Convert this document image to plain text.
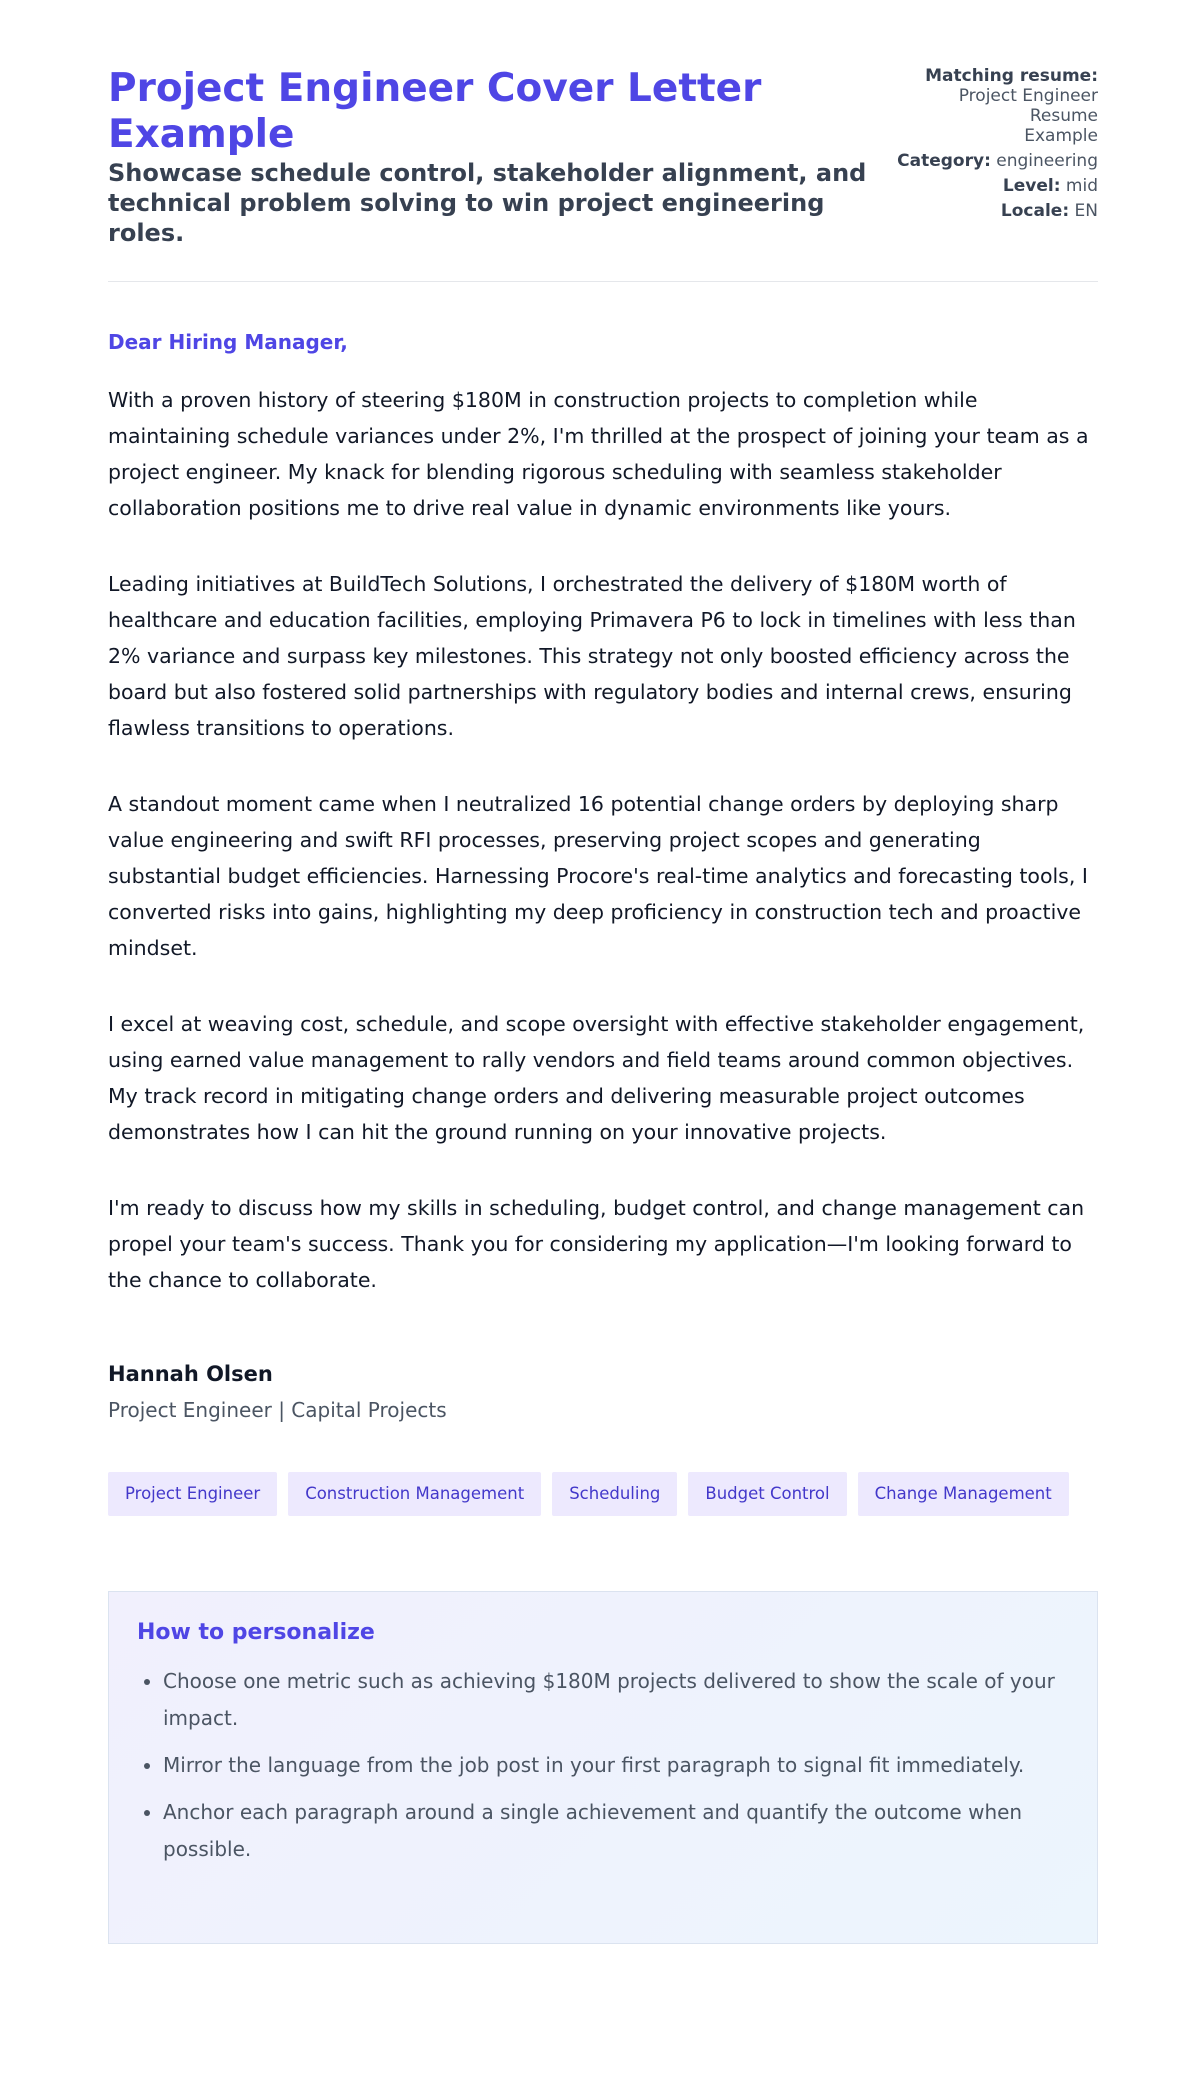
Project Engineer Cover Letter Example

Showcase schedule control, stakeholder alignment, and technical problem solving to win project engineering roles.

Matching resume:
Project Engineer Resume Example
Category: engineering
Level: mid
Locale: EN
Dear Hiring Manager,

With a proven history of steering $180M in construction projects to completion while maintaining schedule variances under 2%, I'm thrilled at the prospect of joining your team as a project engineer. My knack for blending rigorous scheduling with seamless stakeholder collaboration positions me to drive real value in dynamic environments like yours.

Leading initiatives at BuildTech Solutions, I orchestrated the delivery of $180M worth of healthcare and education facilities, employing Primavera P6 to lock in timelines with less than 2% variance and surpass key milestones. This strategy not only boosted efficiency across the board but also fostered solid partnerships with regulatory bodies and internal crews, ensuring flawless transitions to operations.

A standout moment came when I neutralized 16 potential change orders by deploying sharp value engineering and swift RFI processes, preserving project scopes and generating substantial budget efficiencies. Harnessing Procore's real-time analytics and forecasting tools, I converted risks into gains, highlighting my deep proficiency in construction tech and proactive mindset.

I excel at weaving cost, schedule, and scope oversight with effective stakeholder engagement, using earned value management to rally vendors and field teams around common objectives. My track record in mitigating change orders and delivering measurable project outcomes demonstrates how I can hit the ground running on your innovative projects.

I'm ready to discuss how my skills in scheduling, budget control, and change management can propel your team's success. Thank you for considering my application—I'm looking forward to the chance to collaborate.

Hannah Olsen
Project Engineer | Capital Projects
Project Engineer	Construction Management	Scheduling	Budget Control	Change Management
How to personalize
• Choose one metric such as achieving $180M projects delivered to show the scale of your impact.
• Mirror the language from the job post in your first paragraph to signal fit immediately.
• Anchor each paragraph around a single achievement and quantify the outcome when possible.
